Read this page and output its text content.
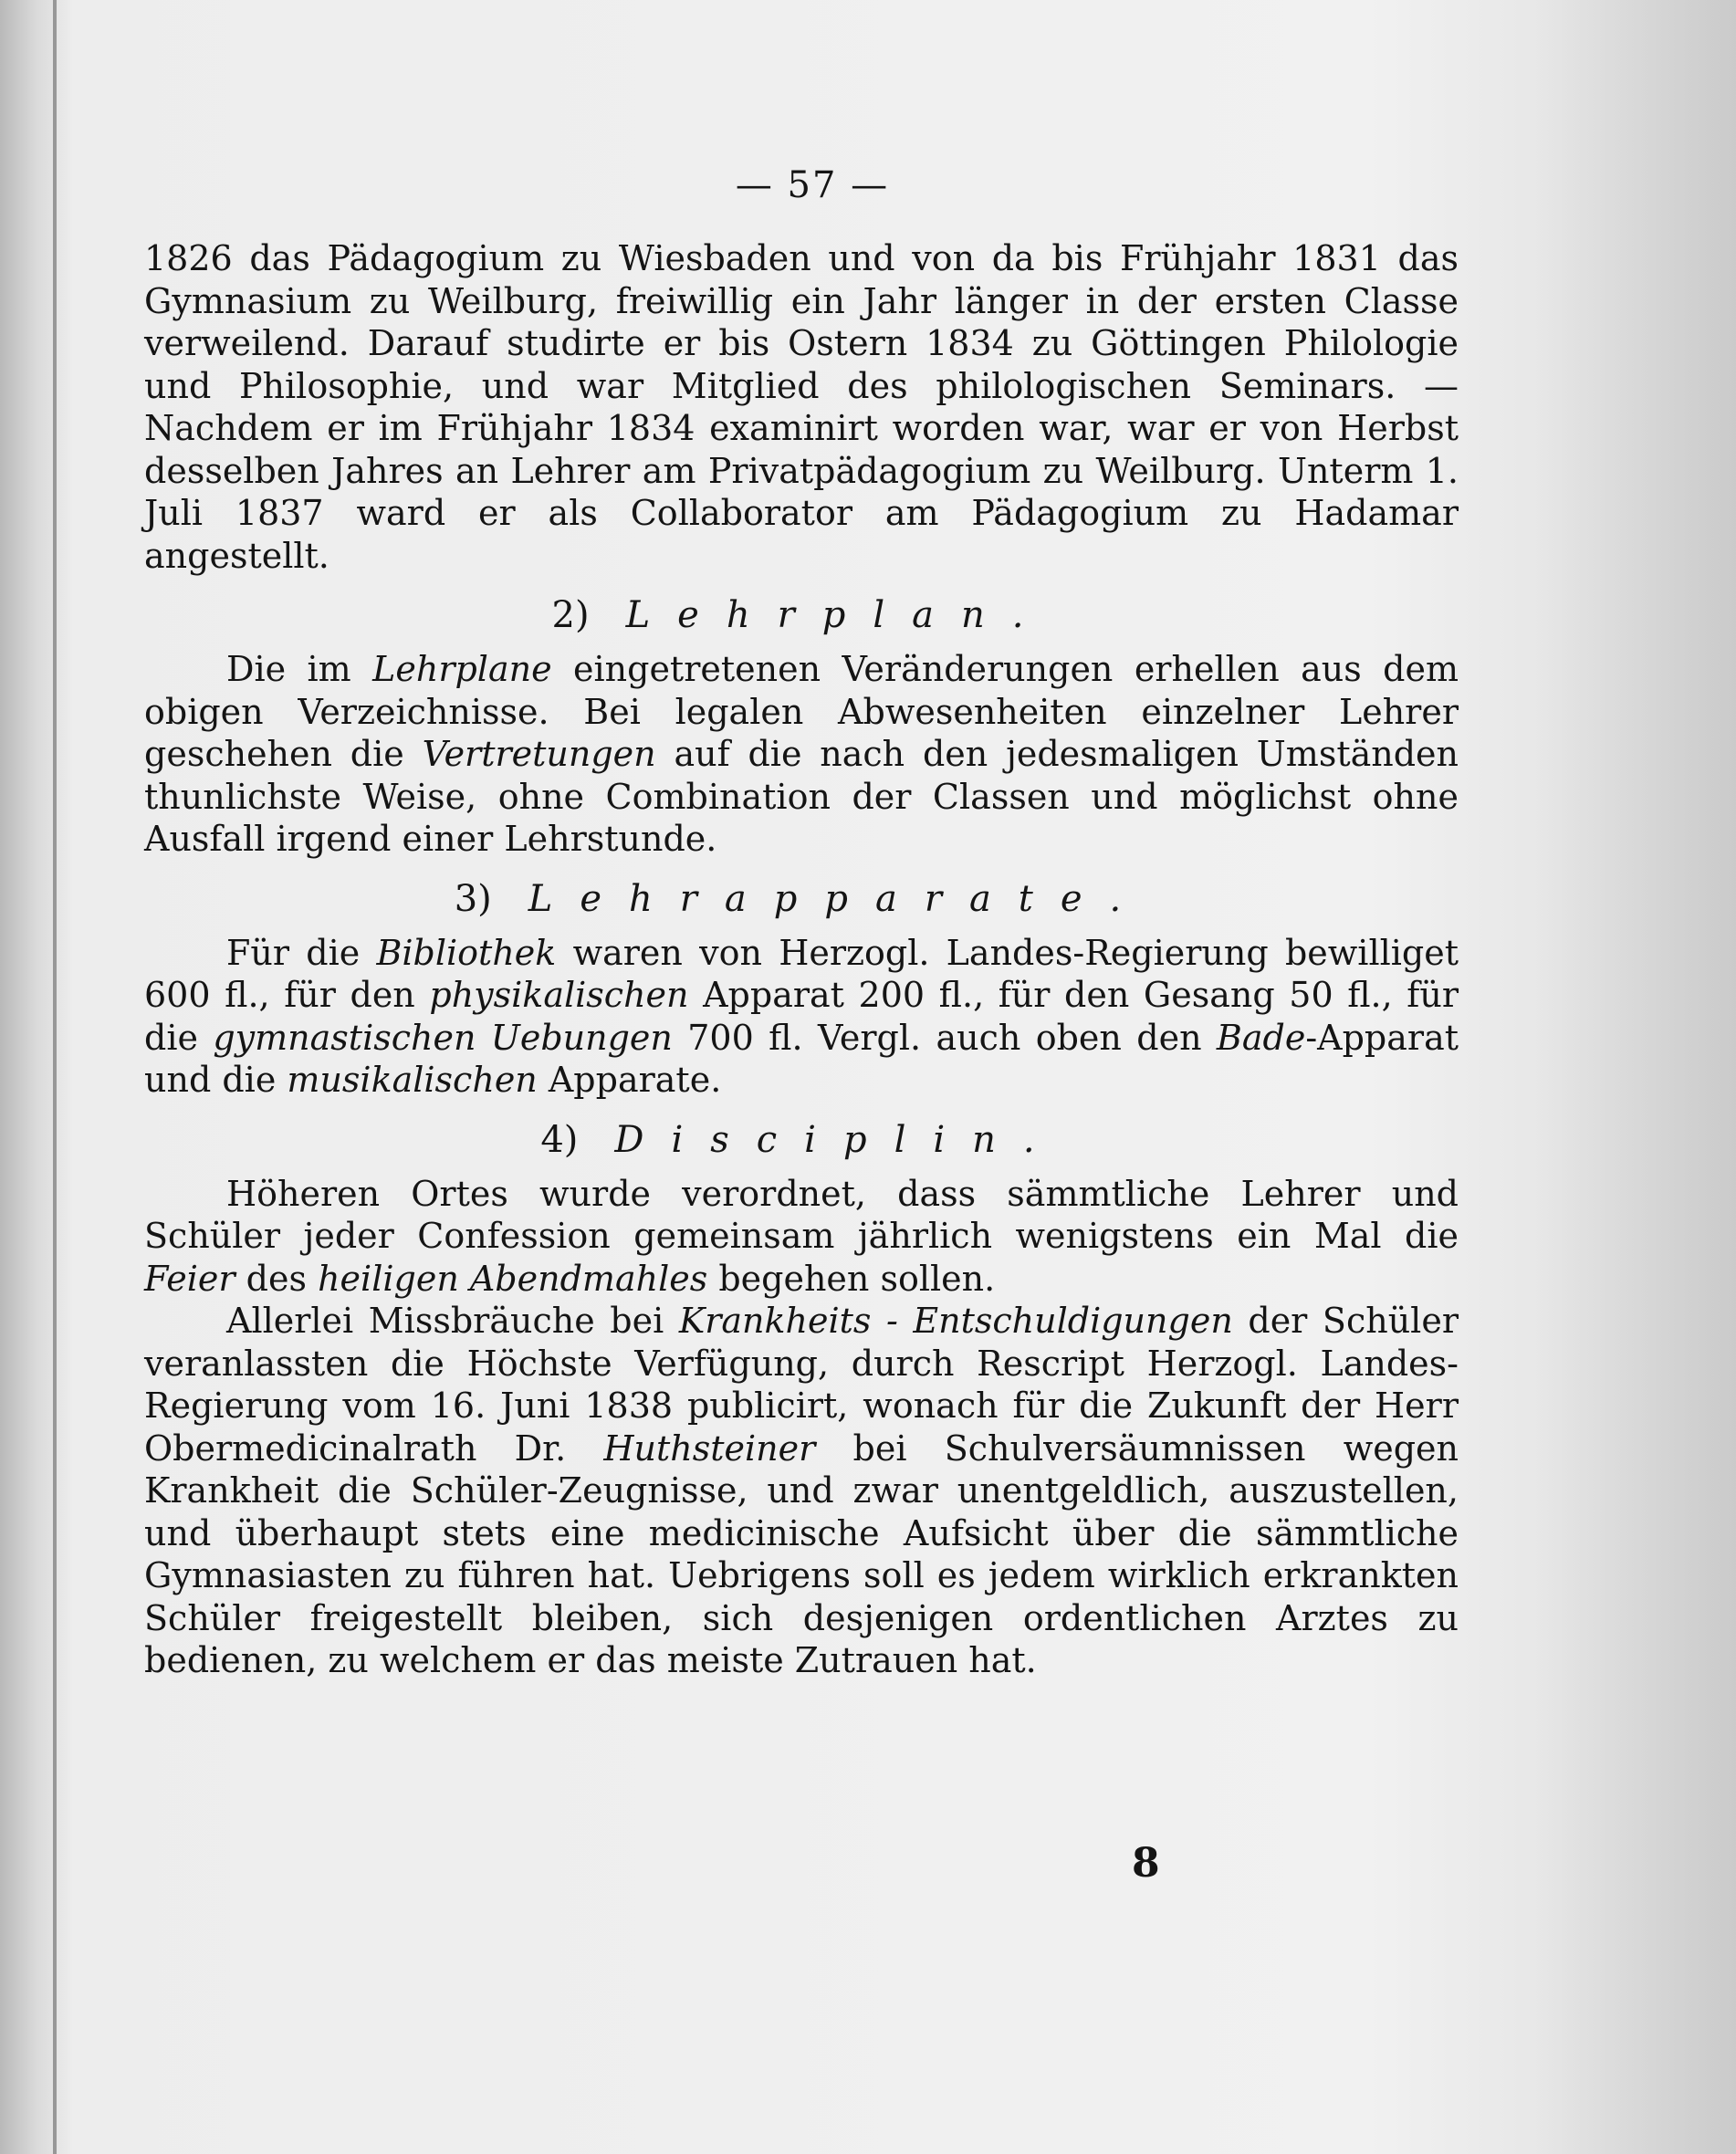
— 57 —

1826 das Pädagogium zu Wiesbaden und von da bis Frühjahr 1831 das Gymnasium zu Weilburg, freiwillig ein Jahr länger in der ersten Classe verweilend. Darauf studirte er bis Ostern 1834 zu Göttingen Philologie und Philosophie, und war Mitglied des philologischen Seminars. — Nachdem er im Frühjahr 1834 examinirt worden war, war er von Herbst desselben Jahres an Lehrer am Privatpädagogium zu Weilburg. Unterm 1. Juli 1837 ward er als Collaborator am Pädagogium zu Hadamar angestellt.

2) Lehrplan.

Die im Lehrplane eingetretenen Veränderungen erhellen aus dem obigen Verzeichnisse. Bei legalen Abwesenheiten einzelner Lehrer geschehen die Vertretungen auf die nach den jedesmaligen Umständen thunlichste Weise, ohne Combination der Classen und möglichst ohne Ausfall irgend einer Lehrstunde.

3) Lehrapparate.

Für die Bibliothek waren von Herzogl. Landes-Regierung bewilliget 600 fl., für den physikalischen Apparat 200 fl., für den Gesang 50 fl., für die gymnastischen Uebungen 700 fl. Vergl. auch oben den Bade-Apparat und die musikalischen Apparate.

4) Disciplin.

Höheren Ortes wurde verordnet, dass sämmtliche Lehrer und Schüler jeder Confession gemeinsam jährlich wenigstens ein Mal die Feier des heiligen Abendmahles begehen sollen.

Allerlei Missbräuche bei Krankheits - Entschuldigungen der Schüler veranlassten die Höchste Verfügung, durch Rescript Herzogl. Landes-Regierung vom 16. Juni 1838 publicirt, wonach für die Zukunft der Herr Obermedicinalrath Dr. Huthsteiner bei Schulversäumnissen wegen Krankheit die Schüler-Zeugnisse, und zwar unentgeldlich, auszustellen, und überhaupt stets eine medicinische Aufsicht über die sämmtliche Gymnasiasten zu führen hat. Uebrigens soll es jedem wirklich erkrankten Schüler freigestellt bleiben, sich desjenigen ordentlichen Arztes zu bedienen, zu welchem er das meiste Zutrauen hat.

8
